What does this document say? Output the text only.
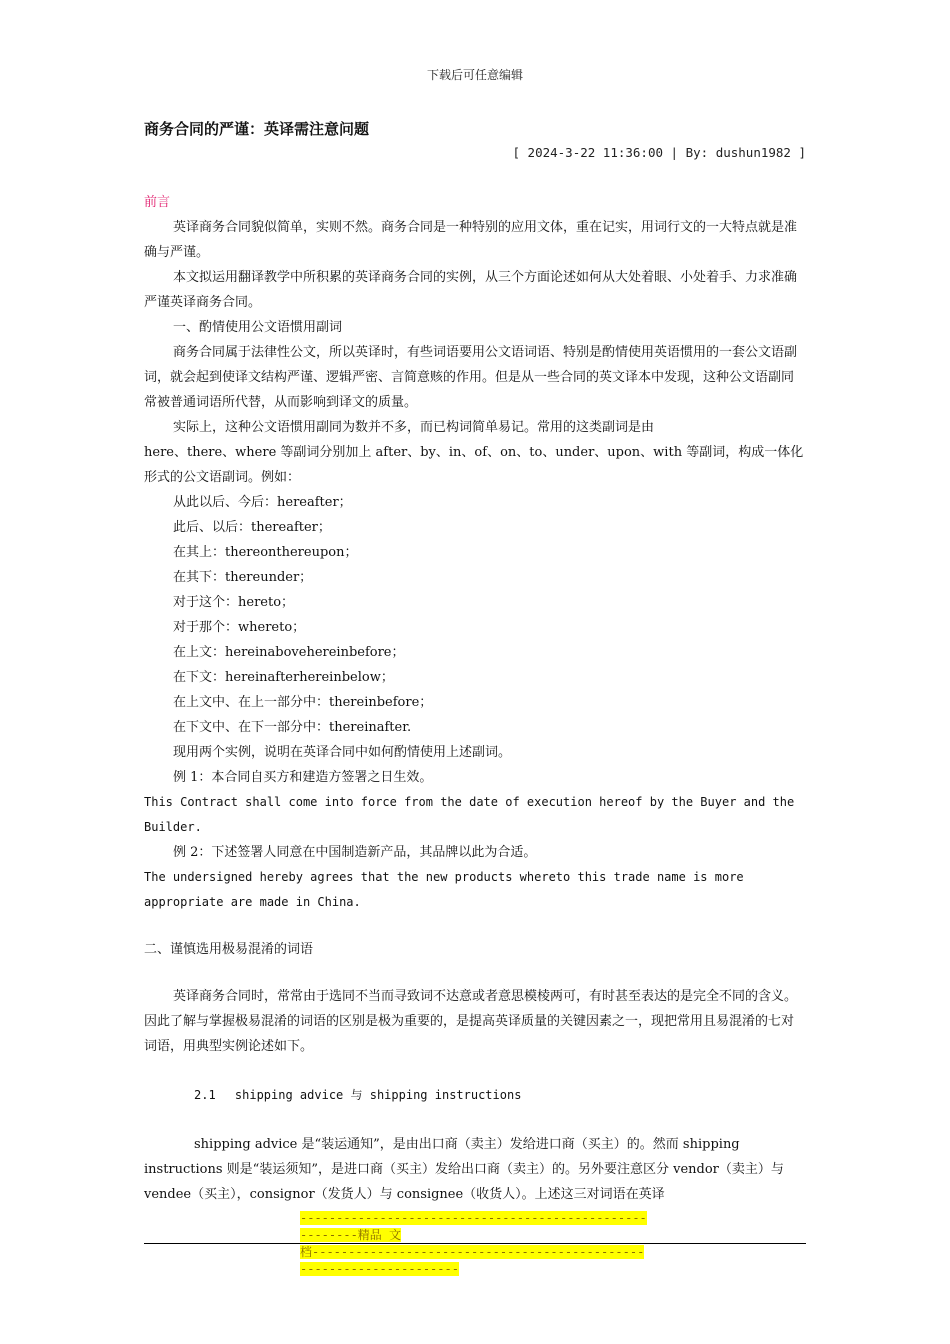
下载后可任意编辑
商务合同的严谨：英译需注意问题
[ 2024-3-22 11:36:00 | By: dushun1982 ]

前言

英译商务合同貌似简单，实则不然。商务合同是一种特别的应用文体，重在记实，用词行文的一大特点就是准确与严谨。

本文拟运用翻译教学中所积累的英译商务合同的实例，从三个方面论述如何从大处着眼、小处着手、力求准确严谨英译商务合同。

一、酌情使用公文语惯用副词

商务合同属于法律性公文，所以英译时，有些词语要用公文语词语、特别是酌情使用英语惯用的一套公文语副词，就会起到使译文结构严谨、逻辑严密、言简意赅的作用。但是从一些合同的英文译本中发现，这种公文语副同常被普通词语所代替，从而影响到译文的质量。

实际上，这种公文语惯用副同为数并不多，而已构词简单易记。常用的这类副词是由

here、there、where 等副词分别加上 after、by、in、of、on、to、under、upon、with 等副词，构成一体化形式的公文语副词。例如：

从此以后、今后：hereafter；

此后、以后：thereafter；

在其上：thereonthereupon；

在其下：thereunder；

对于这个：hereto；

对于那个：whereto；

在上文：hereinabovehereinbefore；

在下文：hereinafterhereinbelow；

在上文中、在上一部分中：thereinbefore；

在下文中、在下一部分中：thereinafter.

现用两个实例，说明在英译合同中如何酌情使用上述副词。

例 1：本合同自买方和建造方签署之日生效。

This Contract shall come into force from the date of execution hereof by the Buyer and the Builder.

例 2：下述签署人同意在中国制造新产品，其品牌以此为合适。

The undersigned hereby agrees that the new products whereto this trade name is more appropriate are made in China.

二、谨慎选用极易混淆的词语

英译商务合同时，常常由于选同不当而寻致词不达意或者意思模棱两可，有时甚至表达的是完全不同的含义。因此了解与掌握极易混淆的词语的区别是极为重要的，是提高英译质量的关键因素之一，现把常用且易混淆的七对词语，用典型实例论述如下。

2.1　 shipping advice 与 shipping instructions

shipping advice 是“装运通知”，是由出口商（卖主）发给进口商（买主）的。然而 shipping instructions 则是“装运须知”，是进口商（买主）发给出口商（卖主）的。另外要注意区分 vendor（卖主）与 vendee（买主），consignor（发货人）与 consignee（收货人）。上述这三对词语在英译

--------------------------------------------------------精品 文
档--------------------------------------------------------------------
